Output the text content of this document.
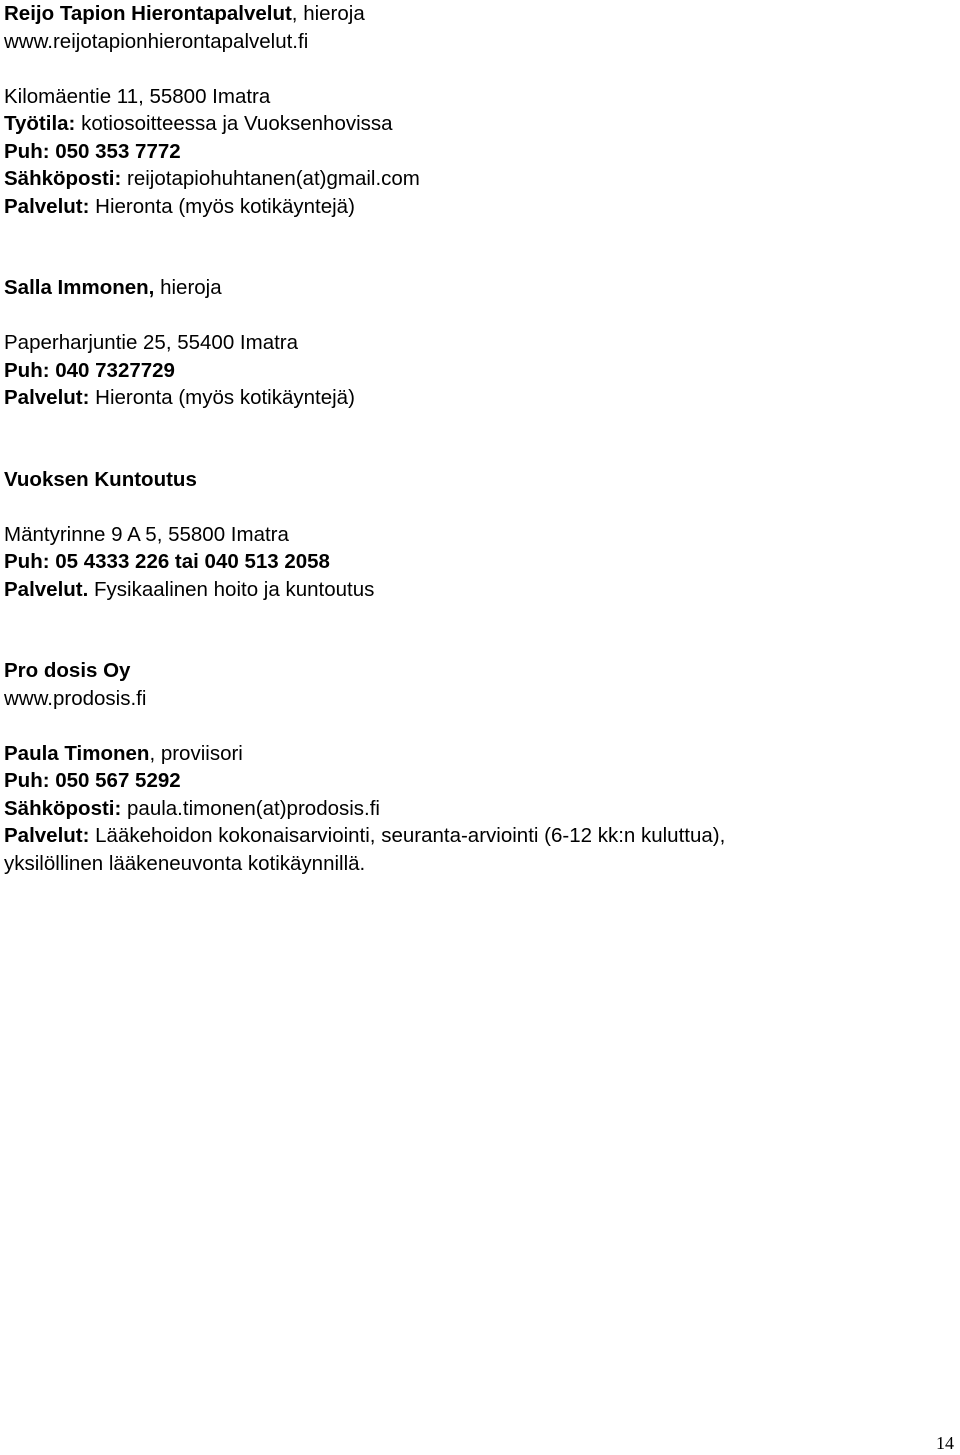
Reijo Tapion Hierontapalvelut, hieroja
www.reijotapionhierontapalvelut.fi
Kilomäentie 11, 55800 Imatra
Työtila: kotiosoitteessa ja Vuoksenhovissa
Puh: 050 353 7772
Sähköposti: reijotapiohuhtanen(at)gmail.com
Palvelut: Hieronta (myös kotikäyntejä)
Salla Immonen, hieroja
Paperharjuntie 25, 55400 Imatra
Puh: 040 7327729
Palvelut: Hieronta (myös kotikäyntejä)
Vuoksen Kuntoutus
Mäntyrinne 9 A 5, 55800 Imatra
Puh: 05 4333 226 tai 040 513 2058
Palvelut. Fysikaalinen hoito ja kuntoutus
Pro dosis Oy
www.prodosis.fi
Paula Timonen, proviisori
Puh: 050 567 5292
Sähköposti: paula.timonen(at)prodosis.fi
Palvelut: Lääkehoidon kokonaisarviointi, seuranta-arviointi (6-12 kk:n kuluttua),
yksilöllinen lääkeneuvonta kotikäynnillä.
14
